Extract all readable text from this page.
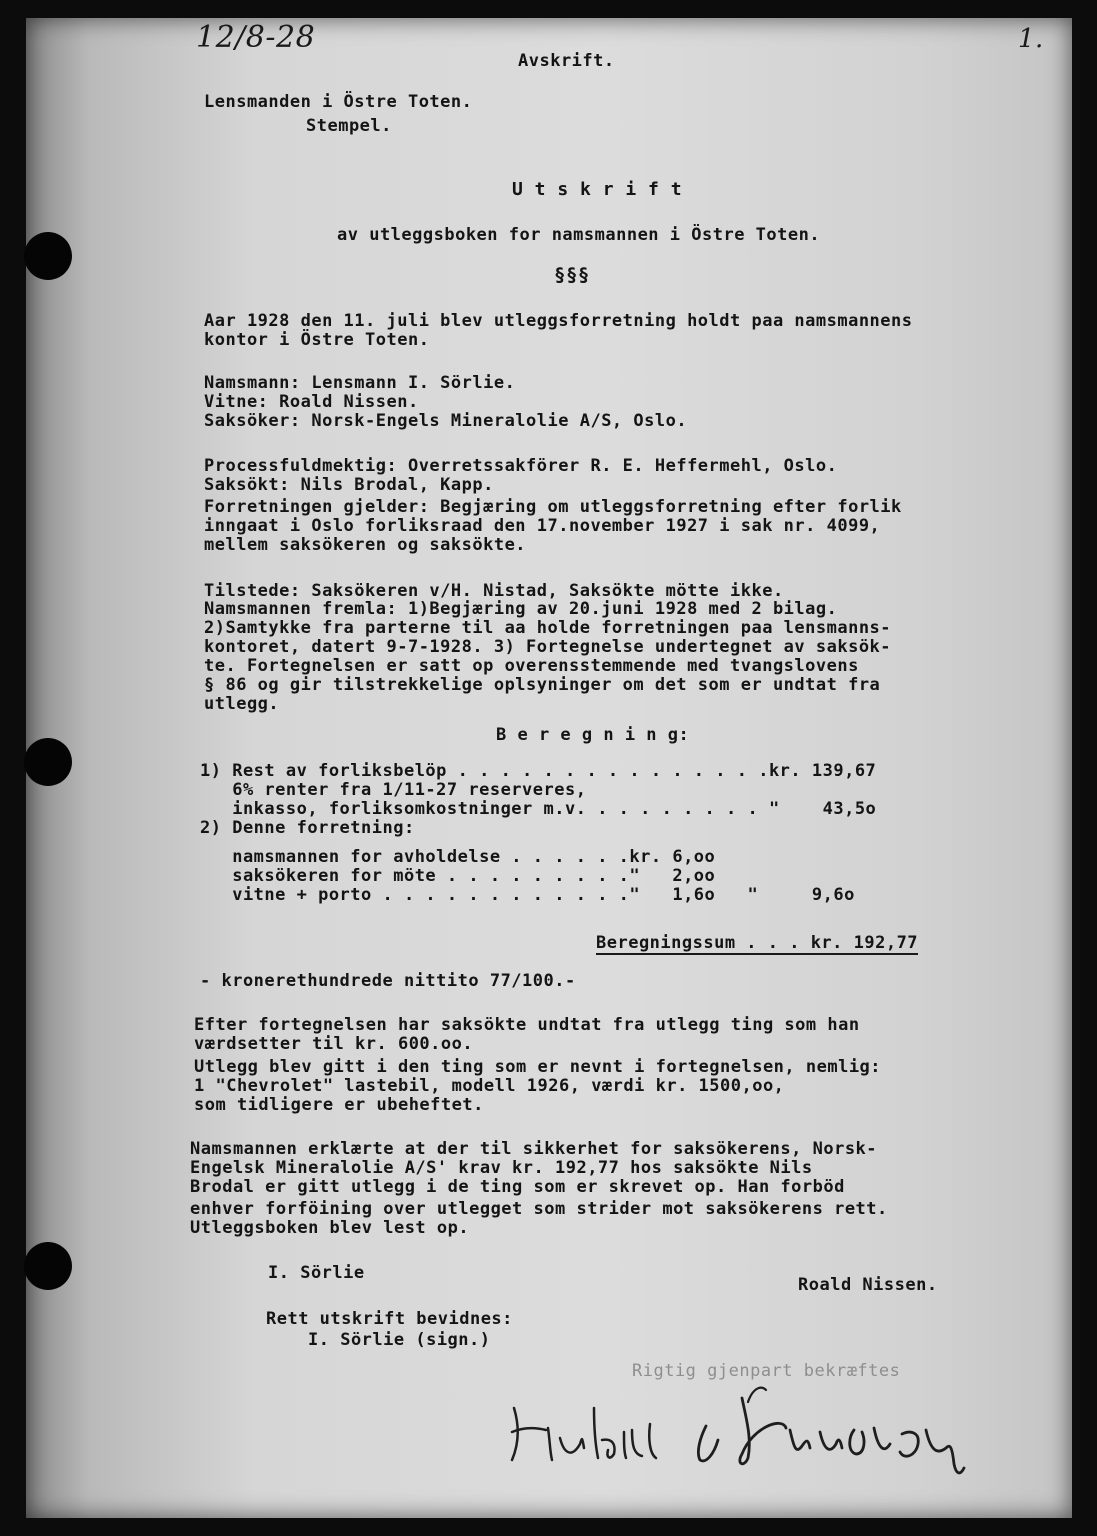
12/8-28	1.
Avskrift.
Lensmanden i Östre Toten.
Stempel.
U t s k r i f t
av utleggsboken for namsmannen i Östre Toten.
§§§
Aar 1928 den 11. juli blev utleggsforretning holdt paa namsmannens
kontor i Östre Toten.
Namsmann: Lensmann I. Sörlie.
Vitne: Roald Nissen.
Saksöker: Norsk-Engels Mineralolie A/S, Oslo.
Processfuldmektig: Overretssakförer R. E. Heffermehl, Oslo.
Saksökt: Nils Brodal, Kapp.
Forretningen gjelder: Begjæring om utleggsforretning efter forlik
inngaat i Oslo forliksraad den 17.november 1927 i sak nr. 4099,
mellem saksökeren og saksökte.
Tilstede: Saksökeren v/H. Nistad, Saksökte mötte ikke.
Namsmannen fremla: 1)Begjæring av 20.juni 1928 med 2 bilag.
2)Samtykke fra parterne til aa holde forretningen paa lensmanns-
kontoret, datert 9-7-1928. 3) Fortegnelse undertegnet av saksök-
te. Fortegnelsen er satt op overensstemmende med tvangslovens
§ 86 og gir tilstrekkelige oplsyninger om det som er undtat fra
utlegg.
B e r e g n i n g:
1) Rest av forliksbelöp . . . . . . . . . . . . . . .kr. 139,67
6% renter fra 1/11-27 reserveres,
inkasso, forliksomkostninger m.v. . . . . . . . . "    43,5o
2) Denne forretning:
namsmannen for avholdelse . . . . . .kr. 6,oo
saksökeren for möte . . . . . . . . ."   2,oo
vitne + porto . . . . . . . . . . . ."   1,6o   "     9,6o
Beregningssum . . . kr. 192,77
- kronerethundrede nittito 77/100.-
Efter fortegnelsen har saksökte undtat fra utlegg ting som han
værdsetter til kr. 600.oo.
Utlegg blev gitt i den ting som er nevnt i fortegnelsen, nemlig:
1 "Chevrolet" lastebil, modell 1926, værdi kr. 1500,oo,
som tidligere er ubeheftet.
Namsmannen erklærte at der til sikkerhet for saksökerens, Norsk-
Engelsk Mineralolie A/S' krav kr. 192,77 hos saksökte Nils
Brodal er gitt utlegg i de ting som er skrevet op. Han forböd
enhver forföining over utlegget som strider mot saksökerens rett.
Utleggsboken blev lest op.
I. Sörlie
Roald Nissen.
Rett utskrift bevidnes:
I. Sörlie (sign.)
Rigtig gjenpart bekræftes
